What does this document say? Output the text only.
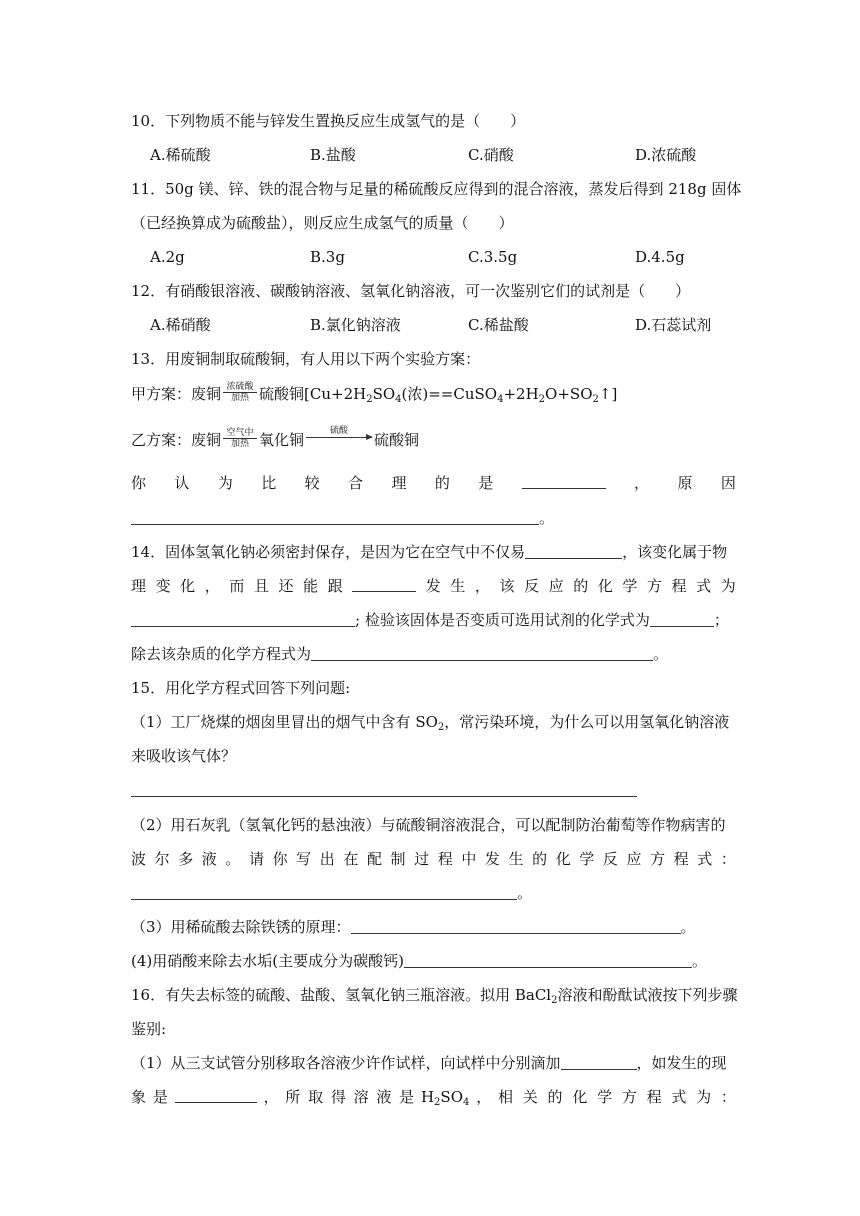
10．下列物质不能与锌发生置换反应生成氢气的是（　　）
A.稀硫酸	B.盐酸	C.硝酸	D.浓硫酸
11．50g 镁、锌、铁的混合物与足量的稀硫酸反应得到的混合溶液，蒸发后得到 218g 固体
（已经换算成为硫酸盐），则反应生成氢气的质量（　　）
A.2g	B.3g	C.3.5g	D.4.5g
12．有硝酸银溶液、碳酸钠溶液、氢氧化钠溶液，可一次鉴别它们的试剂是（　　）
A.稀硝酸	B.氯化钠溶液	C.稀盐酸	D.石蕊试剂
13．用废铜制取硫酸铜，有人用以下两个实验方案：
甲方案：废铜 浓硫酸
加热 硫酸铜[$Cu+2H_2SO_4$(浓)$==CuSO_4+2H_2O+SO_2↑$]
乙方案：废铜 空气中
加热 氧化铜	硫酸	硫酸铜
你 认 为 比 较 合 理 的 是	， 原 因
。
14．固体氢氧化钠必须密封保存，是因为它在空气中不仅易	，该变化属于物
理 变 化 ， 而 且 还 能 跟	发 生 ， 该 反 应 的 化 学 方 程 式 为
; 检验该固体是否变质可选用试剂的化学式为	；
除去该杂质的化学方程式为	。
15．用化学方程式回答下列问题:
（1）工厂烧煤的烟囱里冒出的烟气中含有 $SO_2$，常污染环境，为什么可以用氢氧化钠溶液
来吸收该气体？
（2）用石灰乳（氢氧化钙的悬浊液）与硫酸铜溶液混合，可以配制防治葡萄等作物病害的
波 尔 多 液 。 请 你 写 出 在 配 制 过 程 中 发 生 的 化 学 反 应 方 程 式 ：
。
（3）用稀硫酸去除铁锈的原理：	。
(4)用硝酸来除去水垢(主要成分为碳酸钙)	。
16．有失去标签的硫酸、盐酸、氢氧化钠三瓶溶液。拟用 BaCl$_2$溶液和酚酞试液按下列步骤
鉴别:
（1）从三支试管分别移取各溶液少许作试样，向试样中分别滴加	，如发生的现
象 是	， 所 取 得 溶 液 是 $H_2SO_4$ ， 相 关 的 化 学 方 程 式 为 ：
